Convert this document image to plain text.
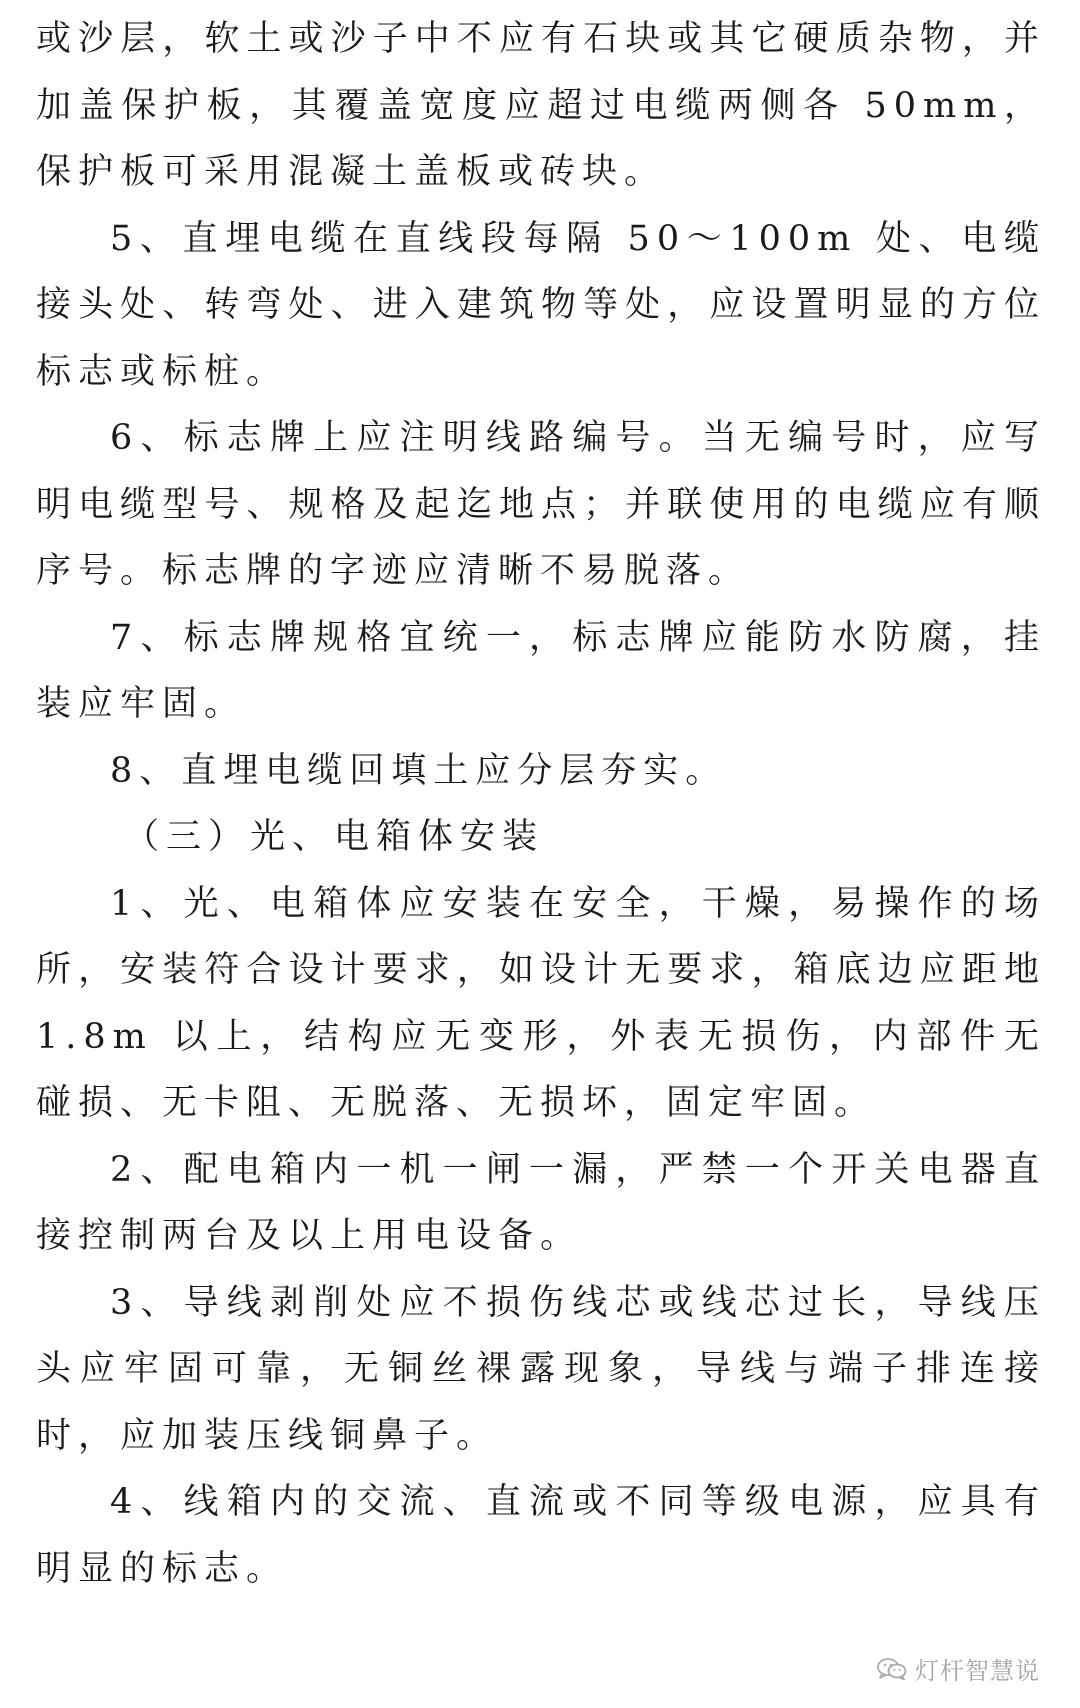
或沙层，软土或沙子中不应有石块或其它硬质杂物，并加盖保护板，其覆盖宽度应超过电缆两侧各 50mm，保护板可采用混凝土盖板或砖块。

5、直埋电缆在直线段每隔 50～100m 处、电缆接头处、转弯处、进入建筑物等处，应设置明显的方位标志或标桩。

6、标志牌上应注明线路编号。当无编号时，应写明电缆型号、规格及起迄地点；并联使用的电缆应有顺序号。标志牌的字迹应清晰不易脱落。

7、标志牌规格宜统一，标志牌应能防水防腐，挂装应牢固。

8、直埋电缆回填土应分层夯实。

（三）光、电箱体安装

1、光、电箱体应安装在安全，干燥，易操作的场所，安装符合设计要求，如设计无要求，箱底边应距地 1.8m 以上，结构应无变形，外表无损伤，内部件无碰损、无卡阻、无脱落、无损坏，固定牢固。

2、配电箱内一机一闸一漏，严禁一个开关电器直接控制两台及以上用电设备。

3、导线剥削处应不损伤线芯或线芯过长，导线压头应牢固可靠，无铜丝裸露现象，导线与端子排连接时，应加装压线铜鼻子。

4、线箱内的交流、直流或不同等级电源，应具有明显的标志。

灯杆智慧说
